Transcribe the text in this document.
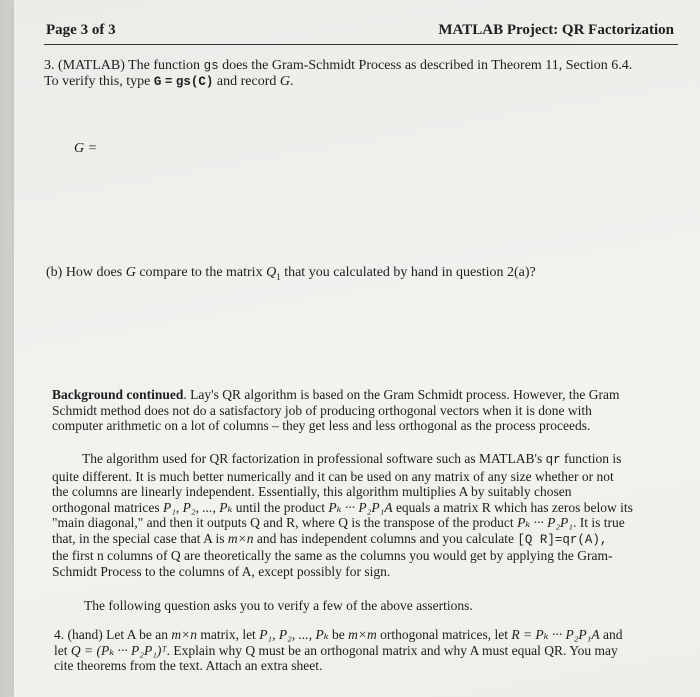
Page 3 of 3	MATLAB Project: QR Factorization
3. (MATLAB) The function gs does the Gram-Schmidt Process as described in Theorem 11, Section 6.4.
To verify this, type G = gs(C) and record G.
G =
(b) How does G compare to the matrix $Q_1$ that you calculated by hand in question 2(a)?
Background continued. Lay's QR algorithm is based on the Gram Schmidt process. However, the Gram
Schmidt method does not do a satisfactory job of producing orthogonal vectors when it is done with
computer arithmetic on a lot of columns – they get less and less orthogonal as the process proceeds.
The algorithm used for QR factorization in professional software such as MATLAB's qr function is
quite different. It is much better numerically and it can be used on any matrix of any size whether or not
the columns are linearly independent. Essentially, this algorithm multiplies A by suitably chosen
orthogonal matrices P₁, P₂, ..., Pₖ until the product Pₖ ··· P₂P₁A equals a matrix R which has zeros below its
"main diagonal," and then it outputs Q and R, where Q is the transpose of the product Pₖ ··· P₂P₁. It is true
that, in the special case that A is m×n and has independent columns and you calculate [Q R]=qr(A),
the first n columns of Q are theoretically the same as the columns you would get by applying the Gram-
Schmidt Process to the columns of A, except possibly for sign.
The following question asks you to verify a few of the above assertions.
4. (hand) Let A be an m×n matrix, let P₁, P₂, ..., Pₖ be m×m orthogonal matrices, let R = Pₖ ··· P₂P₁A and
let Q = (Pₖ ··· P₂P₁)ᵀ. Explain why Q must be an orthogonal matrix and why A must equal QR. You may
cite theorems from the text. Attach an extra sheet.
